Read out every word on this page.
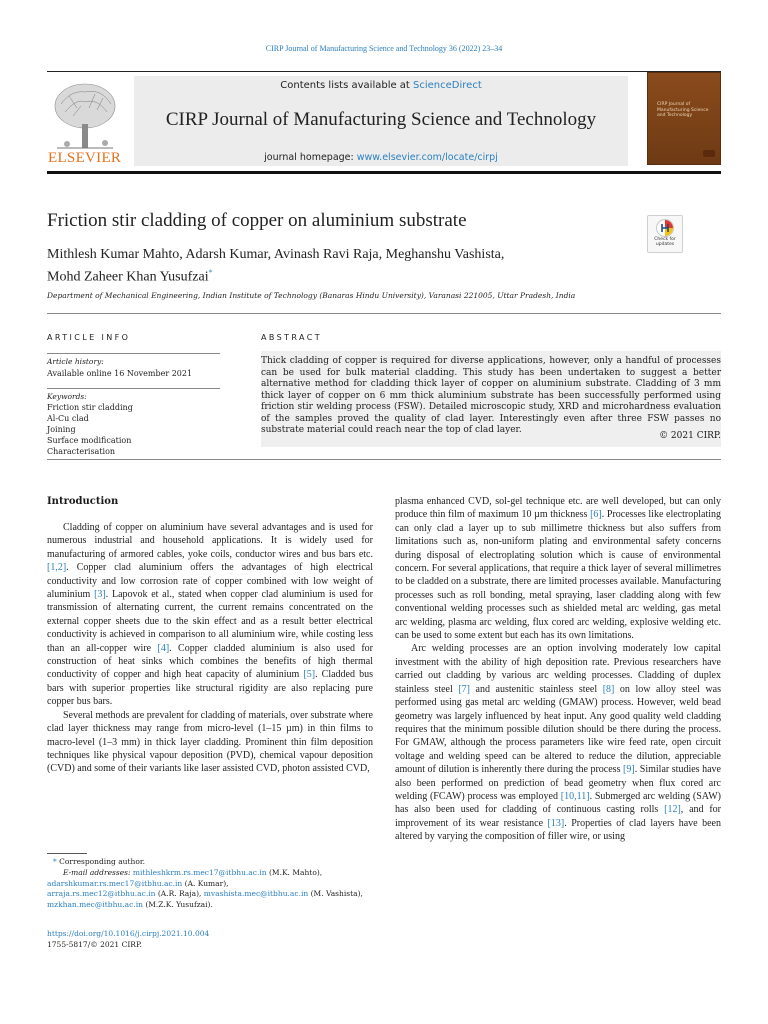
CIRP Journal of Manufacturing Science and Technology 36 (2022) 23–34
ELSEVIER
Contents lists available at ScienceDirect
CIRP Journal of Manufacturing Science and Technology
journal homepage: www.elsevier.com/locate/cirpj
CIRP Journal of Manufacturing Science and Technology
Friction stir cladding of copper on aluminium substrate
Check for updates
Mithlesh Kumar Mahto, Adarsh Kumar, Avinash Ravi Raja, Meghanshu Vashista,
Mohd Zaheer Khan Yusufzai*
Department of Mechanical Engineering, Indian Institute of Technology (Banaras Hindu University), Varanasi 221005, Uttar Pradesh, India
ARTICLE INFO
Article history:
Available online 16 November 2021
Keywords:
Friction stir cladding
Al-Cu clad
Joining
Surface modification
Characterisation
ABSTRACT
Thick cladding of copper is required for diverse applications, however, only a handful of processes can be used for bulk material cladding. This study has been undertaken to suggest a better alternative method for cladding thick layer of copper on aluminium substrate. Cladding of 3 mm thick layer of copper on 6 mm thick aluminium substrate has been successfully performed using friction stir welding process (FSW). Detailed microscopic study, XRD and microhardness evaluation of the samples proved the quality of clad layer. Interestingly even after three FSW passes no substrate material could reach near the top of clad layer.
© 2021 CIRP.
Introduction

Cladding of copper on aluminium have several advantages and is used for numerous industrial and household applications. It is widely used for manufacturing of armored cables, yoke coils, conductor wires and bus bars etc. [1,2]. Copper clad aluminium offers the advantages of high electrical conductivity and low corrosion rate of copper combined with low weight of aluminium [3]. Lapovok et al., stated when copper clad aluminium is used for transmission of alternating current, the current remains concentrated on the external copper sheets due to the skin effect and as a result better electrical conductivity is achieved in comparison to all aluminium wire, while costing less than an all-copper wire [4]. Copper cladded aluminium is also used for construction of heat sinks which combines the benefits of high thermal conductivity of copper and high heat capacity of aluminium [5]. Cladded bus bars with superior properties like structural rigidity are also replacing pure copper bus bars.

Several methods are prevalent for cladding of materials, over substrate where clad layer thickness may range from micro-level (1–15 µm) in thin films to macro-level (1–3 mm) in thick layer cladding. Prominent thin film deposition techniques like physical vapour deposition (PVD), chemical vapour deposition (CVD) and some of their variants like laser assisted CVD, photon assisted CVD,

plasma enhanced CVD, sol-gel technique etc. are well developed, but can only produce thin film of maximum 10 µm thickness [6]. Processes like electroplating can only clad a layer up to sub millimetre thickness but also suffers from limitations such as, non-uniform plating and environmental safety concerns during disposal of electroplating solution which is cause of environmental concern. For several applications, that require a thick layer of several millimetres to be cladded on a substrate, there are limited processes available. Manufacturing processes such as roll bonding, metal spraying, laser cladding along with few conventional welding processes such as shielded metal arc welding, gas metal arc welding, plasma arc welding, flux cored arc welding, explosive welding etc. can be used to some extent but each has its own limitations.

Arc welding processes are an option involving moderately low capital investment with the ability of high deposition rate. Previous researchers have carried out cladding by various arc welding processes. Cladding of duplex stainless steel [7] and austenitic stainless steel [8] on low alloy steel was performed using gas metal arc welding (GMAW) process. However, weld bead geometry was largely influenced by heat input. Any good quality weld cladding requires that the minimum possible dilution should be there during the process. For GMAW, although the process parameters like wire feed rate, open circuit voltage and welding speed can be altered to reduce the dilution, appreciable amount of dilution is inherently there during the process [9]. Similar studies have also been performed on prediction of bead geometry when flux cored arc welding (FCAW) process was employed [10,11]. Submerged arc welding (SAW) has also been used for cladding of continuous casting rolls [12], and for improvement of its wear resistance [13]. Properties of clad layers have been altered by varying the composition of filler wire, or using

* Corresponding author.
E-mail addresses: mithleshkrm.rs.mec17@itbhu.ac.in (M.K. Mahto),
adarshkumar.rs.mec17@itbhu.ac.in (A. Kumar),
arraja.rs.mec12@itbhu.ac.in (A.R. Raja), mvashista.mec@itbhu.ac.in (M. Vashista),
mzkhan.mec@itbhu.ac.in (M.Z.K. Yusufzai).
https://doi.org/10.1016/j.cirpj.2021.10.004
1755-5817/© 2021 CIRP.
